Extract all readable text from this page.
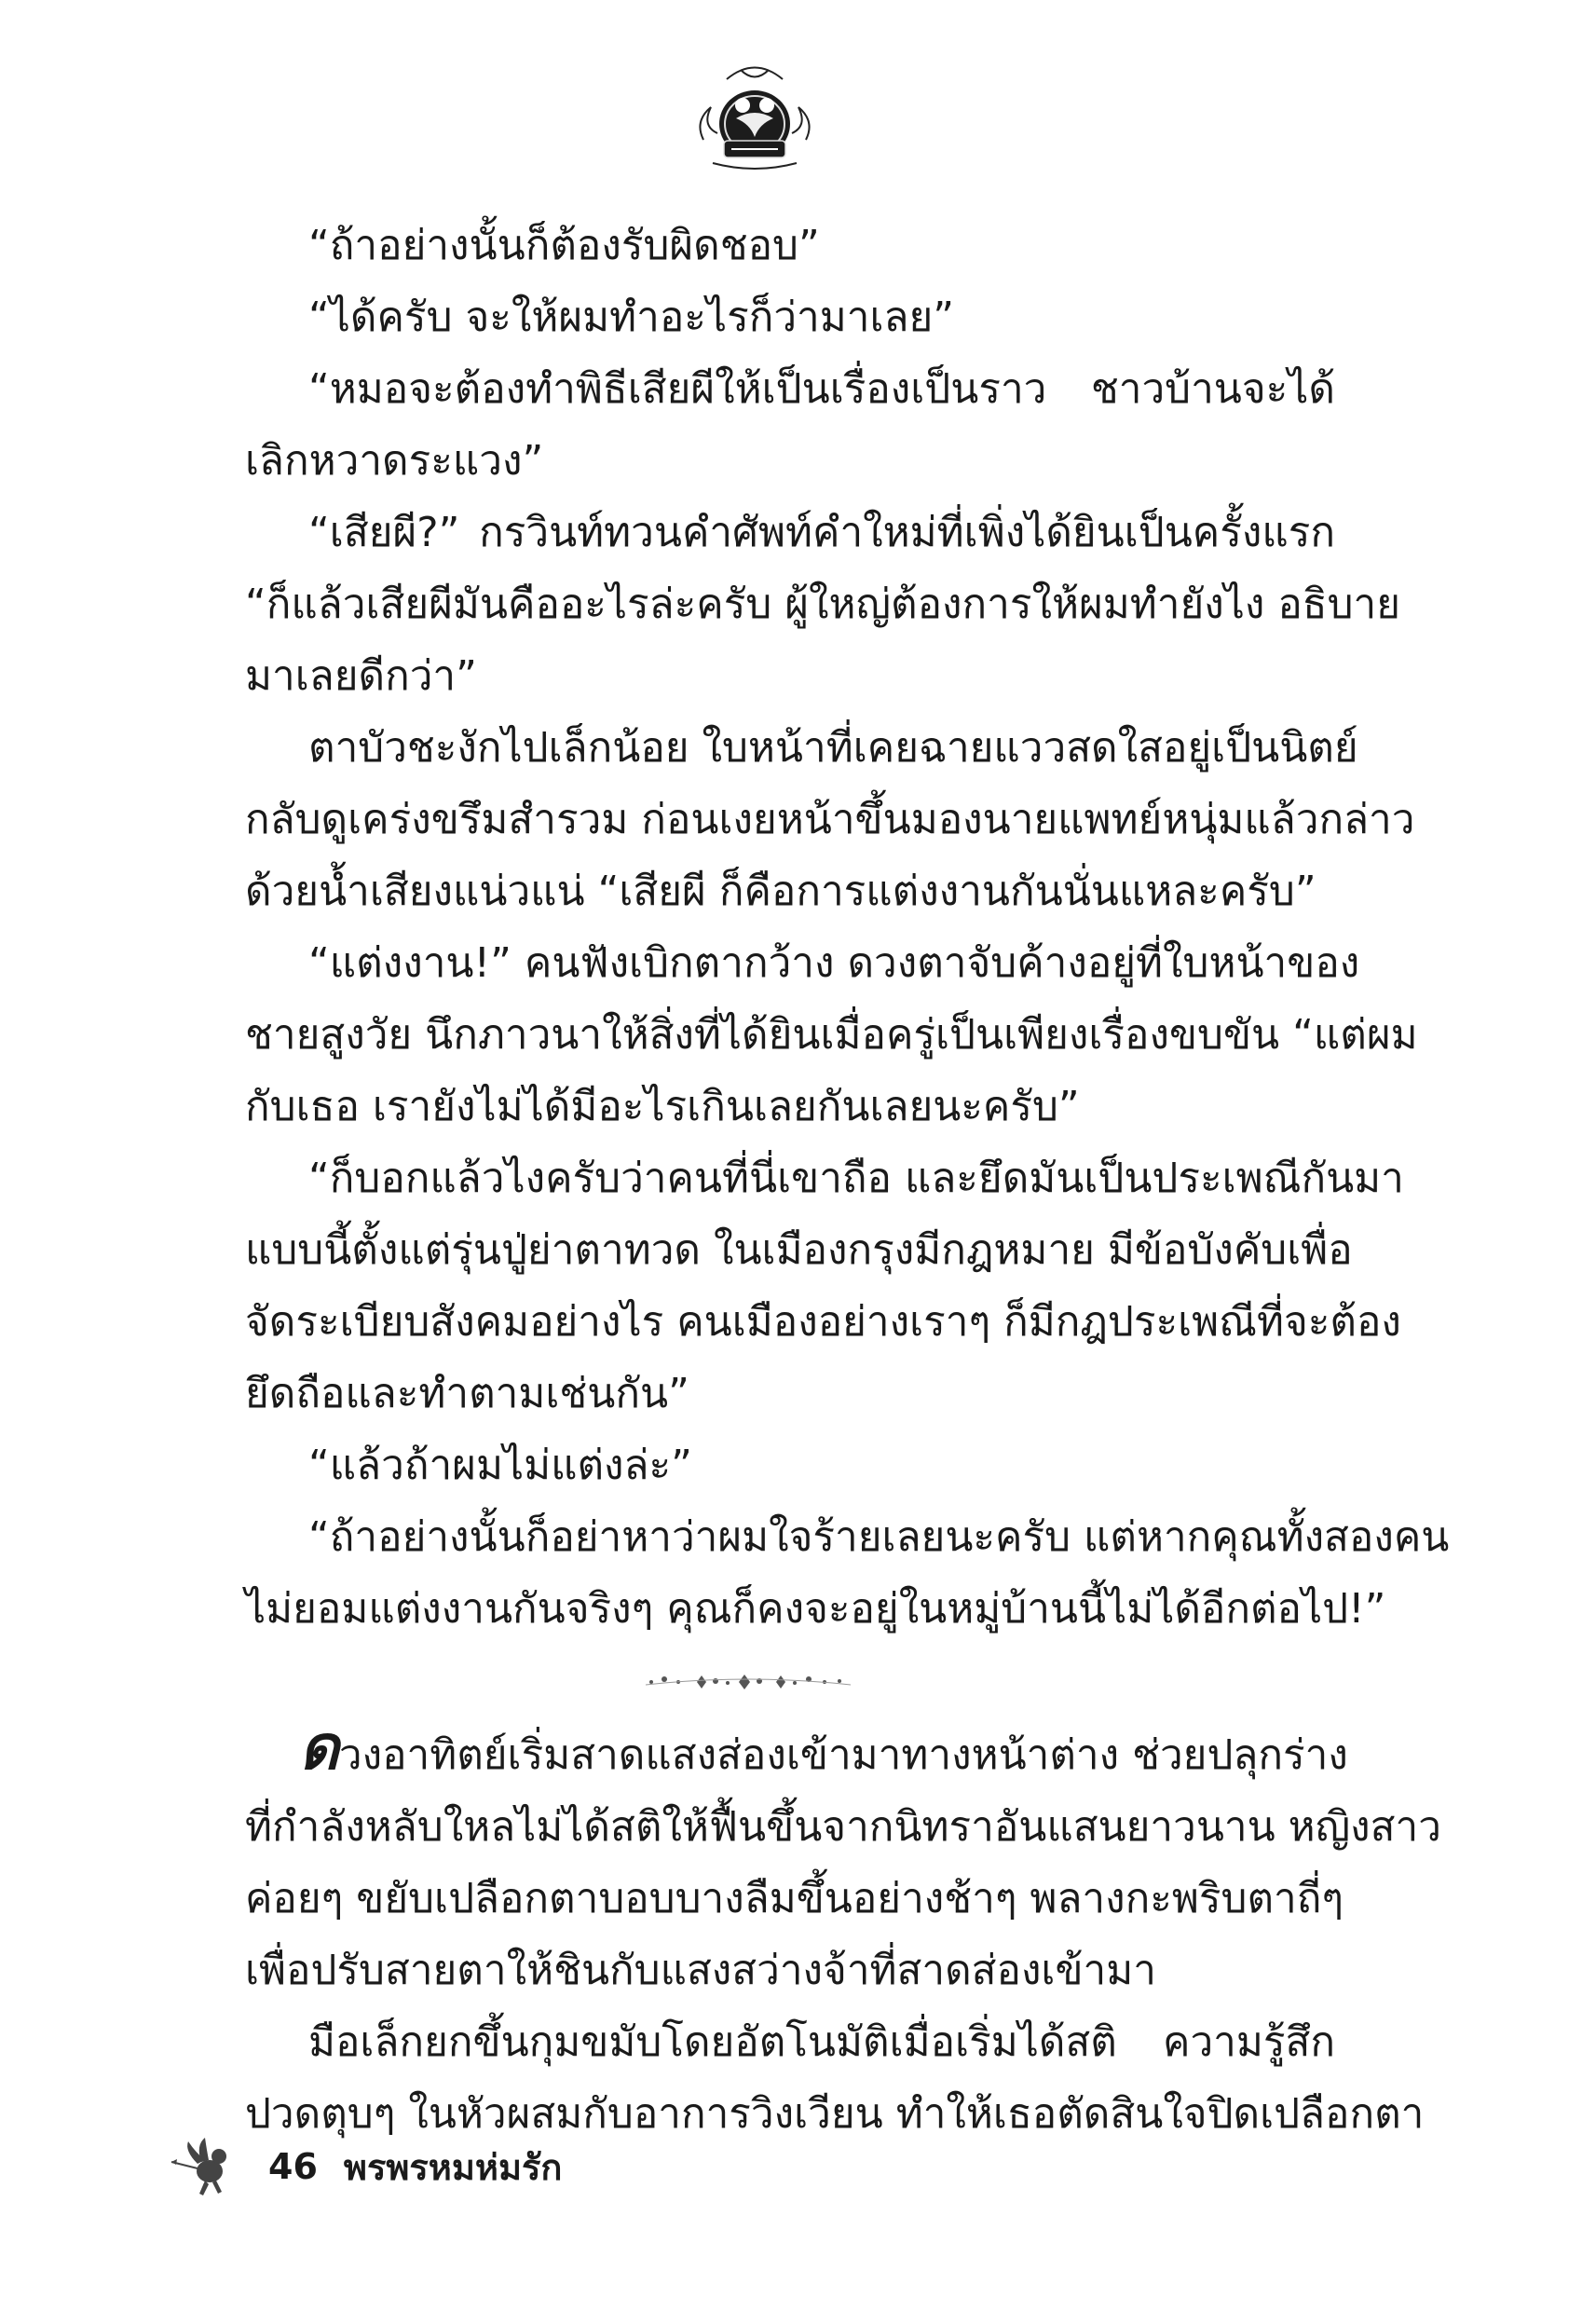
“ถ้าอย่างนั้นก็ต้องรับผิดชอบ”
“ได้ครับ จะให้ผมทำอะไรก็ว่ามาเลย”
“หมอจะต้องทำพิธีเสียผีให้เป็นเรื่องเป็นราว ชาวบ้านจะได้
เลิกหวาดระแวง”
“เสียผี?” กรวินท์ทวนคำศัพท์คำใหม่ที่เพิ่งได้ยินเป็นครั้งแรก
“ก็แล้วเสียผีมันคืออะไรล่ะครับ ผู้ใหญ่ต้องการให้ผมทำยังไง อธิบาย
มาเลยดีกว่า”
ตาบัวชะงักไปเล็กน้อย ใบหน้าที่เคยฉายแววสดใสอยู่เป็นนิตย์
กลับดูเคร่งขรึมสำรวม ก่อนเงยหน้าขึ้นมองนายแพทย์หนุ่มแล้วกล่าว
ด้วยน้ำเสียงแน่วแน่ “เสียผี ก็คือการแต่งงานกันนั่นแหละครับ”
“แต่งงาน!” คนฟังเบิกตากว้าง ดวงตาจับค้างอยู่ที่ใบหน้าของ
ชายสูงวัย นึกภาวนาให้สิ่งที่ได้ยินเมื่อครู่เป็นเพียงเรื่องขบขัน “แต่ผม
กับเธอ เรายังไม่ได้มีอะไรเกินเลยกันเลยนะครับ”
“ก็บอกแล้วไงครับว่าคนที่นี่เขาถือ และยึดมันเป็นประเพณีกันมา
แบบนี้ตั้งแต่รุ่นปู่ย่าตาทวด ในเมืองกรุงมีกฎหมาย มีข้อบังคับเพื่อ
จัดระเบียบสังคมอย่างไร คนเมืองอย่างเราๆ ก็มีกฎประเพณีที่จะต้อง
ยึดถือและทำตามเช่นกัน”
“แล้วถ้าผมไม่แต่งล่ะ”
“ถ้าอย่างนั้นก็อย่าหาว่าผมใจร้ายเลยนะครับ แต่หากคุณทั้งสองคน
ไม่ยอมแต่งงานกันจริงๆ คุณก็คงจะอยู่ในหมู่บ้านนี้ไม่ได้อีกต่อไป!”
ดวงอาทิตย์เริ่มสาดแสงส่องเข้ามาทางหน้าต่าง ช่วยปลุกร่าง
ที่กำลังหลับใหลไม่ได้สติให้ฟื้นขึ้นจากนิทราอันแสนยาวนาน หญิงสาว
ค่อยๆ ขยับเปลือกตาบอบบางลืมขึ้นอย่างช้าๆ พลางกะพริบตาถี่ๆ
เพื่อปรับสายตาให้ชินกับแสงสว่างจ้าที่สาดส่องเข้ามา
มือเล็กยกขึ้นกุมขมับโดยอัตโนมัติเมื่อเริ่มได้สติ ความรู้สึก
ปวดตุบๆ ในหัวผสมกับอาการวิงเวียน ทำให้เธอตัดสินใจปิดเปลือกตา
46 พรพรหมห่มรัก
